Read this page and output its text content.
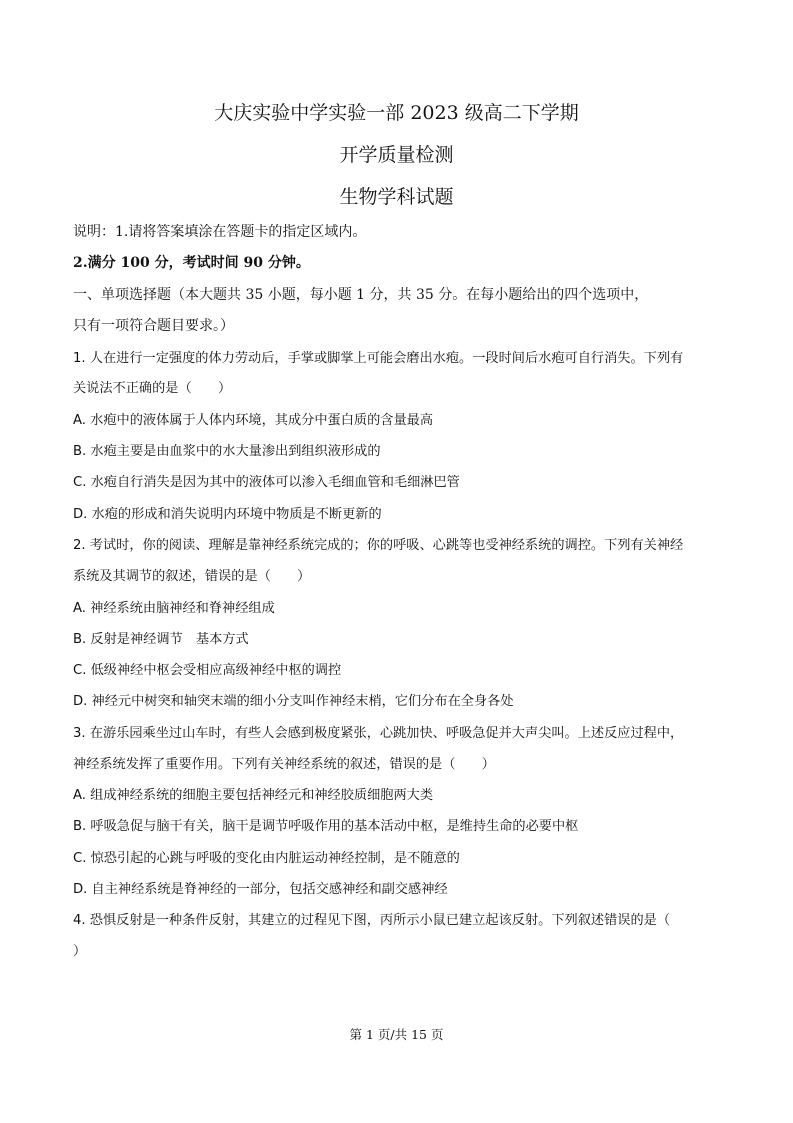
大庆实验中学实验一部 2023 级高二下学期
开学质量检测
生物学科试题
说明：1.请将答案填涂在答题卡的指定区域内。
2.满分 100 分，考试时间 90 分钟。
一、单项选择题（本大题共 35 小题，每小题 1 分，共 35 分。在每小题给出的四个选项中，
只有一项符合题目要求。）
1. 人在进行一定强度的体力劳动后，手掌或脚掌上可能会磨出水疱。一段时间后水疱可自行消失。下列有
关说法不正确的是（　　）
A. 水疱中的液体属于人体内环境，其成分中蛋白质的含量最高
B. 水疱主要是由血浆中的水大量渗出到组织液形成的
C. 水疱自行消失是因为其中的液体可以渗入毛细血管和毛细淋巴管
D. 水疱的形成和消失说明内环境中物质是不断更新的
2. 考试时，你的阅读、理解是靠神经系统完成的；你的呼吸、心跳等也受神经系统的调控。下列有关神经
系统及其调节的叙述，错误的是（　　）
A. 神经系统由脑神经和脊神经组成
B. 反射是神经调节　基本方式
C. 低级神经中枢会受相应高级神经中枢的调控
D. 神经元中树突和轴突末端的细小分支叫作神经末梢，它们分布在全身各处
3. 在游乐园乘坐过山车时，有些人会感到极度紧张，心跳加快、呼吸急促并大声尖叫。上述反应过程中，
神经系统发挥了重要作用。下列有关神经系统的叙述，错误的是（　　）
A. 组成神经系统的细胞主要包括神经元和神经胶质细胞两大类
B. 呼吸急促与脑干有关，脑干是调节呼吸作用的基本活动中枢，是维持生命的必要中枢
C. 惊恐引起的心跳与呼吸的变化由内脏运动神经控制，是不随意的
D. 自主神经系统是脊神经的一部分，包括交感神经和副交感神经
4. 恐惧反射是一种条件反射，其建立的过程见下图，丙所示小鼠已建立起该反射。下列叙述错误的是（
）
第 1 页/共 15 页
